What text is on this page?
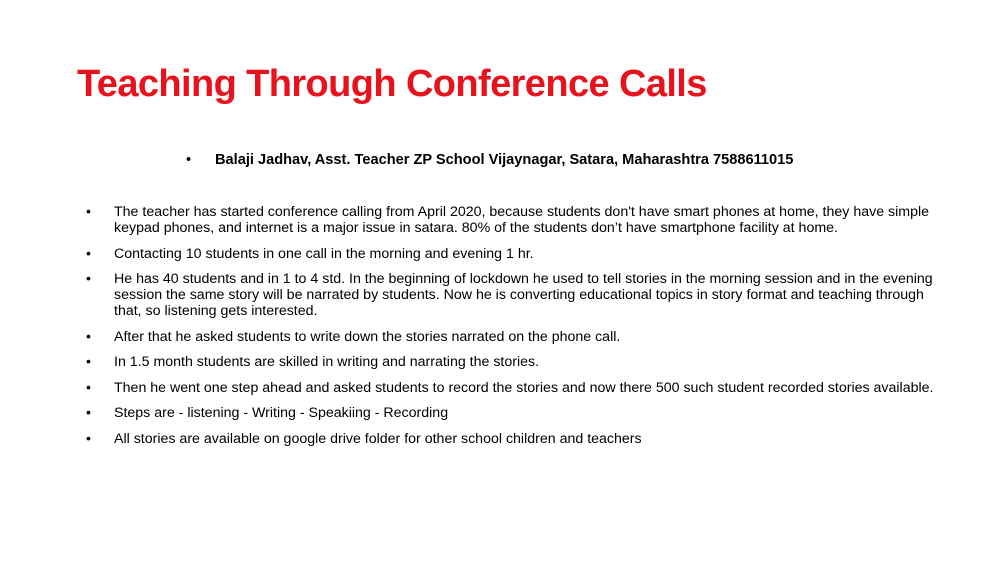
Teaching Through Conference Calls
• Balaji Jadhav, Asst. Teacher ZP School Vijaynagar, Satara, Maharashtra 7588611015
• The teacher has started conference calling from April 2020, because students don't have smart phones at home, they have simple keypad phones, and internet is a major issue in satara. 80% of the students don’t have smartphone facility at home.
• Contacting 10 students in one call in the morning and evening 1 hr.
• He has 40 students and in 1 to 4 std. In the beginning of lockdown he used to tell stories in the morning session and in the evening session the same story will be narrated by students. Now he is converting educational topics in story format and teaching through that, so listening gets interested.
• After that he asked students to write down the stories narrated on the phone call.
• In 1.5 month students are skilled in writing and narrating the stories.
• Then he went one step ahead and asked students to record the stories and now there 500 such student recorded stories available.
• Steps are - listening - Writing - Speakiing - Recording
• All stories are available on google drive folder for other school children and teachers
